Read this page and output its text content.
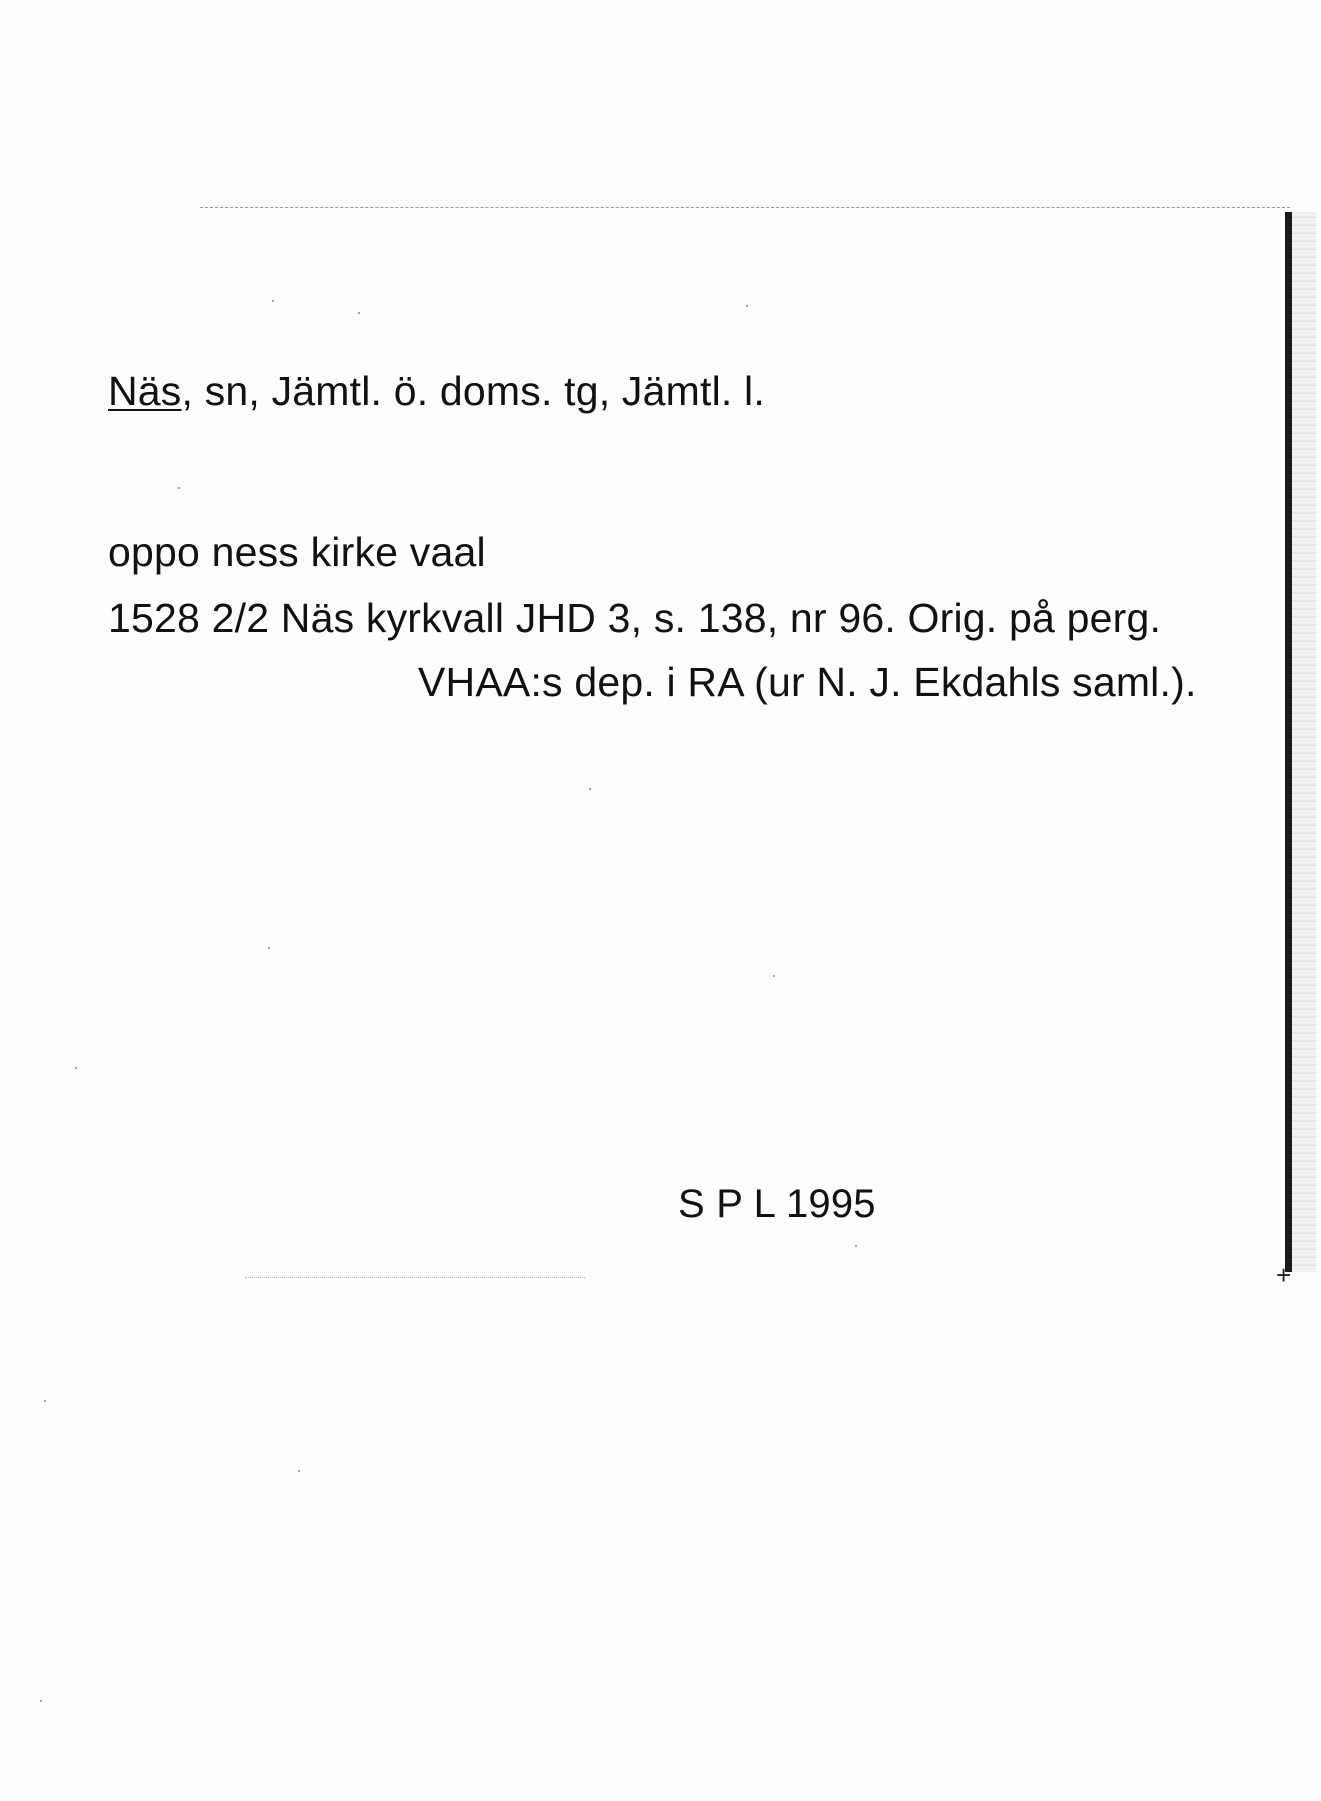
+
Näs, sn, Jämtl. ö. doms. tg, Jämtl. l.
oppo ness kirke vaal
1528 2/2 Näs kyrkvall JHD 3, s. 138, nr 96. Orig. på perg.
VHAA:s dep. i RA (ur N. J. Ekdahls saml.).
S P L 1995
